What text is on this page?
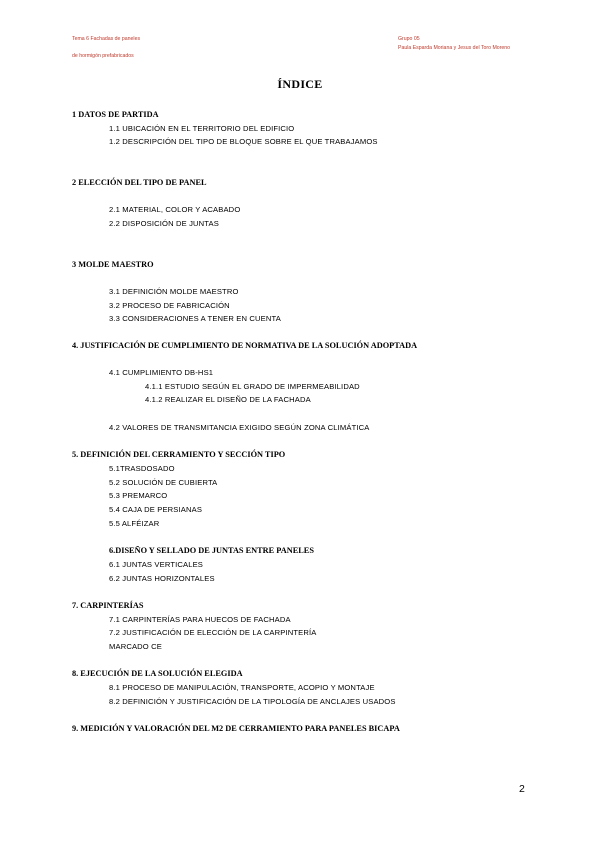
Tema 6 Fachadas de paneles
de hormigón prefabricados
Grupo 05
Paula Esparda Moriana y Jesus del Toro Moreno
ÍNDICE
1 DATOS DE PARTIDA
1.1 UBICACIÓN EN EL TERRITORIO DEL EDIFICIO
1.2 DESCRIPCIÓN DEL TIPO DE BLOQUE SOBRE EL QUE TRABAJAMOS
2 ELECCIÓN DEL TIPO DE PANEL
2.1 MATERIAL, COLOR Y ACABADO
2.2 DISPOSICIÓN DE JUNTAS
3 MOLDE MAESTRO
3.1 DEFINICIÓN MOLDE MAESTRO
3.2 PROCESO DE FABRICACIÓN
3.3 CONSIDERACIONES A TENER EN CUENTA
4. JUSTIFICACIÓN DE CUMPLIMIENTO DE NORMATIVA DE LA SOLUCIÓN ADOPTADA
4.1 CUMPLIMIENTO DB-HS1
4.1.1 ESTUDIO SEGÚN EL GRADO DE IMPERMEABILIDAD
4.1.2 REALIZAR EL DISEÑO DE LA FACHADA
4.2 VALORES DE TRANSMITANCIA EXIGIDO SEGÚN ZONA CLIMÁTICA
5. DEFINICIÓN DEL CERRAMIENTO Y SECCIÓN TIPO
5.1TRASDOSADO
5.2 SOLUCIÓN DE CUBIERTA
5.3 PREMARCO
5.4 CAJA DE PERSIANAS
5.5 ALFÉIZAR
6.DISEÑO Y SELLADO DE JUNTAS ENTRE PANELES
6.1 JUNTAS VERTICALES
6.2 JUNTAS HORIZONTALES
7. CARPINTERÍAS
7.1 CARPINTERÍAS PARA HUECOS DE FACHADA
7.2 JUSTIFICACIÓN DE ELECCIÓN DE LA CARPINTERÍA
MARCADO CE
8. EJECUCIÓN DE LA SOLUCIÓN ELEGIDA
8.1 PROCESO DE MANIPULACIÓN, TRANSPORTE, ACOPIO Y MONTAJE
8.2 DEFINICIÓN Y JUSTIFICACIÓN DE LA TIPOLOGÍA DE ANCLAJES USADOS
9. MEDICIÓN Y VALORACIÓN DEL M2 DE CERRAMIENTO PARA PANELES BICAPA
2
